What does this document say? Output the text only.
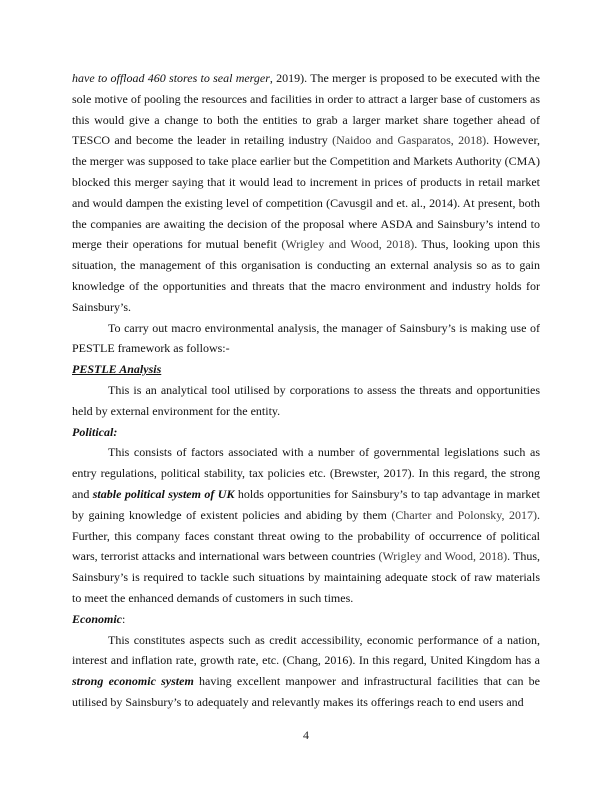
have to offload 460 stores to seal merger, 2019). The merger is proposed to be executed with the sole motive of pooling the resources and facilities in order to attract a larger base of customers as this would give a change to both the entities to grab a larger market share together ahead of TESCO and become the leader in retailing industry (Naidoo and Gasparatos, 2018). However, the merger was supposed to take place earlier but the Competition and Markets Authority (CMA) blocked this merger saying that it would lead to increment in prices of products in retail market and would dampen the existing level of competition (Cavusgil and et. al., 2014). At present, both the companies are awaiting the decision of the proposal where ASDA and Sainsbury’s intend to merge their operations for mutual benefit (Wrigley and Wood, 2018). Thus, looking upon this situation, the management of this organisation is conducting an external analysis so as to gain knowledge of the opportunities and threats that the macro environment and industry holds for Sainsbury’s.

To carry out macro environmental analysis, the manager of Sainsbury’s is making use of PESTLE framework as follows:-

PESTLE Analysis

This is an analytical tool utilised by corporations to assess the threats and opportunities held by external environment for the entity.

Political:

This consists of factors associated with a number of governmental legislations such as entry regulations, political stability, tax policies etc. (Brewster, 2017). In this regard, the strong and stable political system of UK holds opportunities for Sainsbury’s to tap advantage in market by gaining knowledge of existent policies and abiding by them (Charter and Polonsky, 2017). Further, this company faces constant threat owing to the probability of occurrence of political wars, terrorist attacks and international wars between countries (Wrigley and Wood, 2018). Thus, Sainsbury’s is required to tackle such situations by maintaining adequate stock of raw materials to meet the enhanced demands of customers in such times.

Economic:

This constitutes aspects such as credit accessibility, economic performance of a nation, interest and inflation rate, growth rate, etc. (Chang, 2016). In this regard, United Kingdom has a strong economic system having excellent manpower and infrastructural facilities that can be utilised by Sainsbury’s to adequately and relevantly makes its offerings reach to end users and

4
